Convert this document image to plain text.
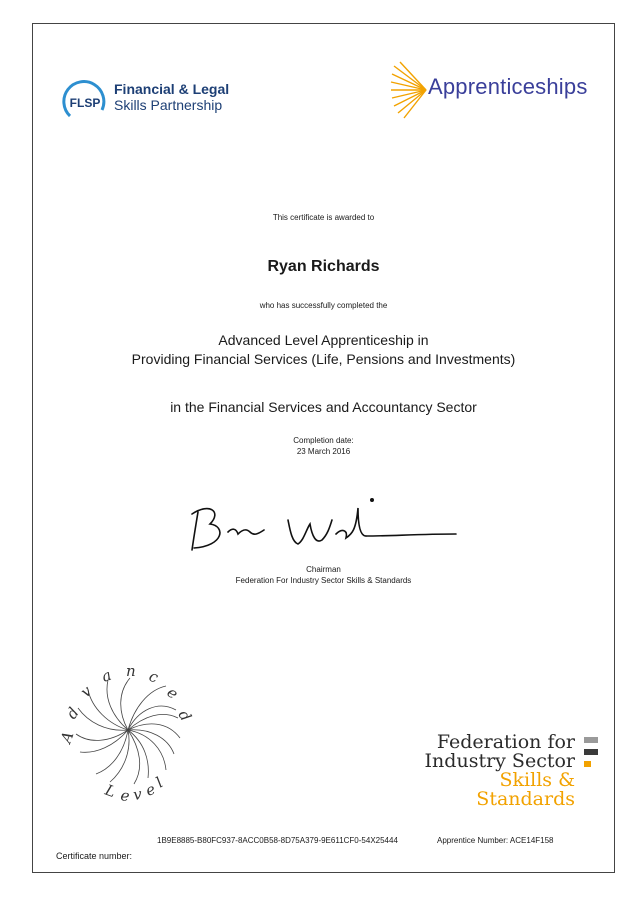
FLSP
Financial & Legal
Skills Partnership
Apprenticeships
This certificate is awarded to
Ryan Richards
who has successfully completed the
Advanced Level Apprenticeship in
Providing Financial Services (Life, Pensions and Investments)
in the Financial Services and Accountancy Sector
Completion date:
23 March 2016
Chairman
Federation For Industry Sector Skills & Standards
A
d
v
a n c
e
d
L e v e
l
Federation for
Industry Sector
Skills & Standards
1B9E8885-B80FC937-8ACC0B58-8D75A379-9E611CF0-54X25444	Apprentice Number: ACE14F158
Certificate number:
